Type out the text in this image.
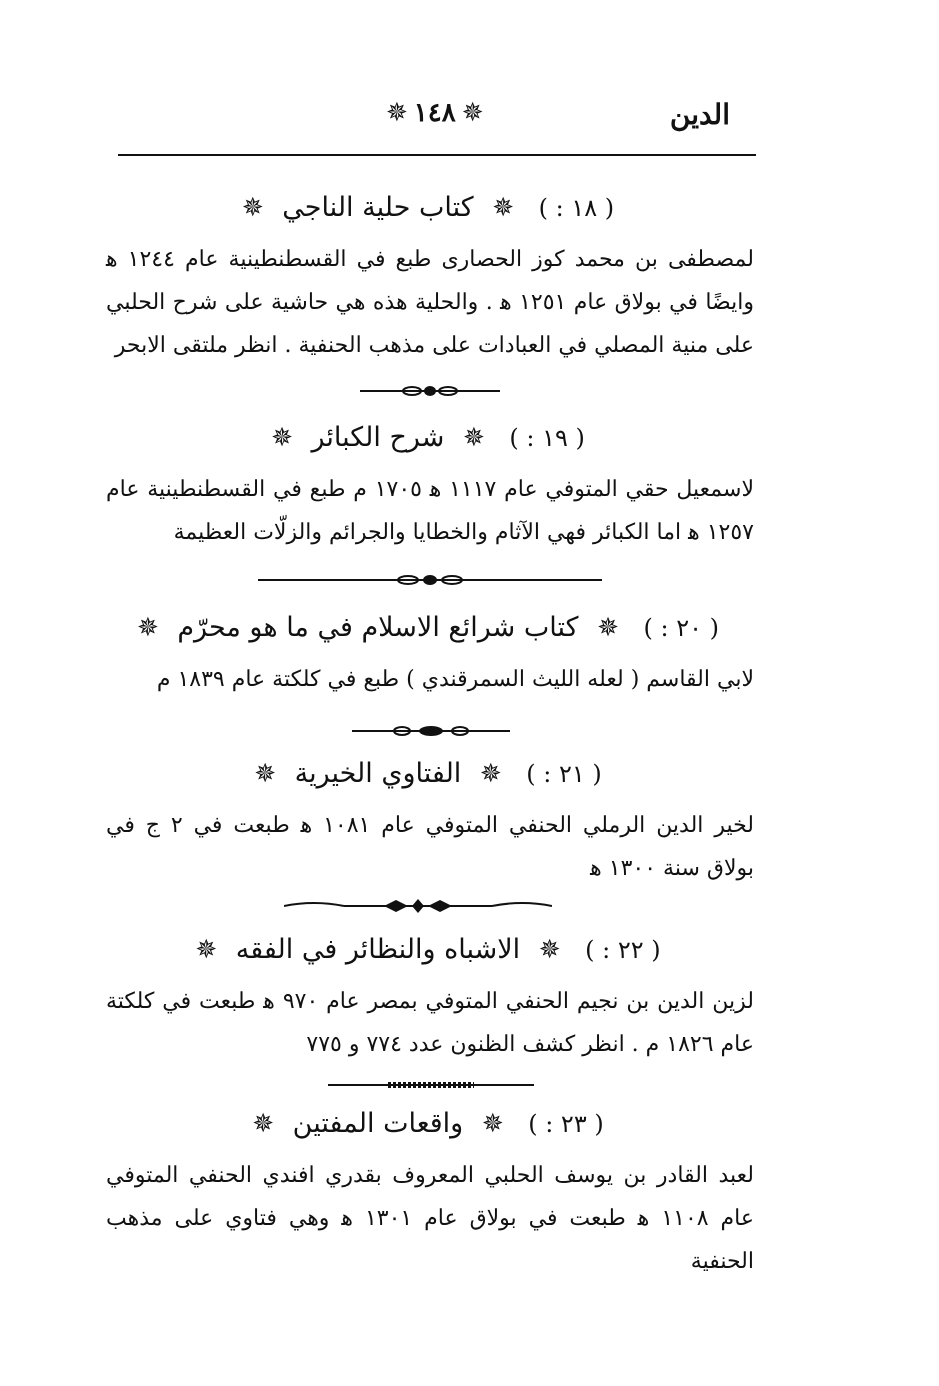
الدين
✵١٤٨✵
( ١٨ : ) ✵ كتاب حلية الناجي ✵
لمصطفى بن محمد كوز الحصارى طبع في القسطنطينية عام ١٢٤٤ ﻫ وايضًا في بولاق عام ١٢٥١ ﻫ . والحلية هذه هي حاشية على شرح الحلبي على منية المصلي في العبادات على مذهب الحنفية . انظر ملتقى الابحر
( ١٩ : ) ✵ شرح الكبائر ✵
لاسمعيل حقي المتوفي عام ١١١٧ ﻫ ١٧٠٥ م طبع في القسطنطينية عام ١٢٥٧ ﻫ اما الكبائر فهي الآثام والخطايا والجرائم والزلّات العظيمة
( ٢٠ : ) ✵ كتاب شرائع الاسلام في ما هو محرّم ✵
لابي القاسم ( لعله الليث السمرقندي ) طبع في كلكتة عام ١٨٣٩ م
( ٢١ : ) ✵ الفتاوي الخيرية ✵
لخير الدين الرملي الحنفي المتوفي عام ١٠٨١ ﻫ طبعت في ٢ ج في بولاق سنة ١٣٠٠ ﻫ
( ٢٢ : ) ✵ الاشباه والنظائر في الفقه ✵
لزين الدين بن نجيم الحنفي المتوفي بمصر عام ٩٧٠ ﻫ طبعت في كلكتة عام ١٨٢٦ م . انظر كشف الظنون عدد ٧٧٤ و ٧٧٥
( ٢٣ : ) ✵ واقعات المفتين ✵
لعبد القادر بن يوسف الحلبي المعروف بقدري افندي الحنفي المتوفي عام ١١٠٨ ﻫ طبعت في بولاق عام ١٣٠١ ﻫ وهي فتاوي على مذهب الحنفية
